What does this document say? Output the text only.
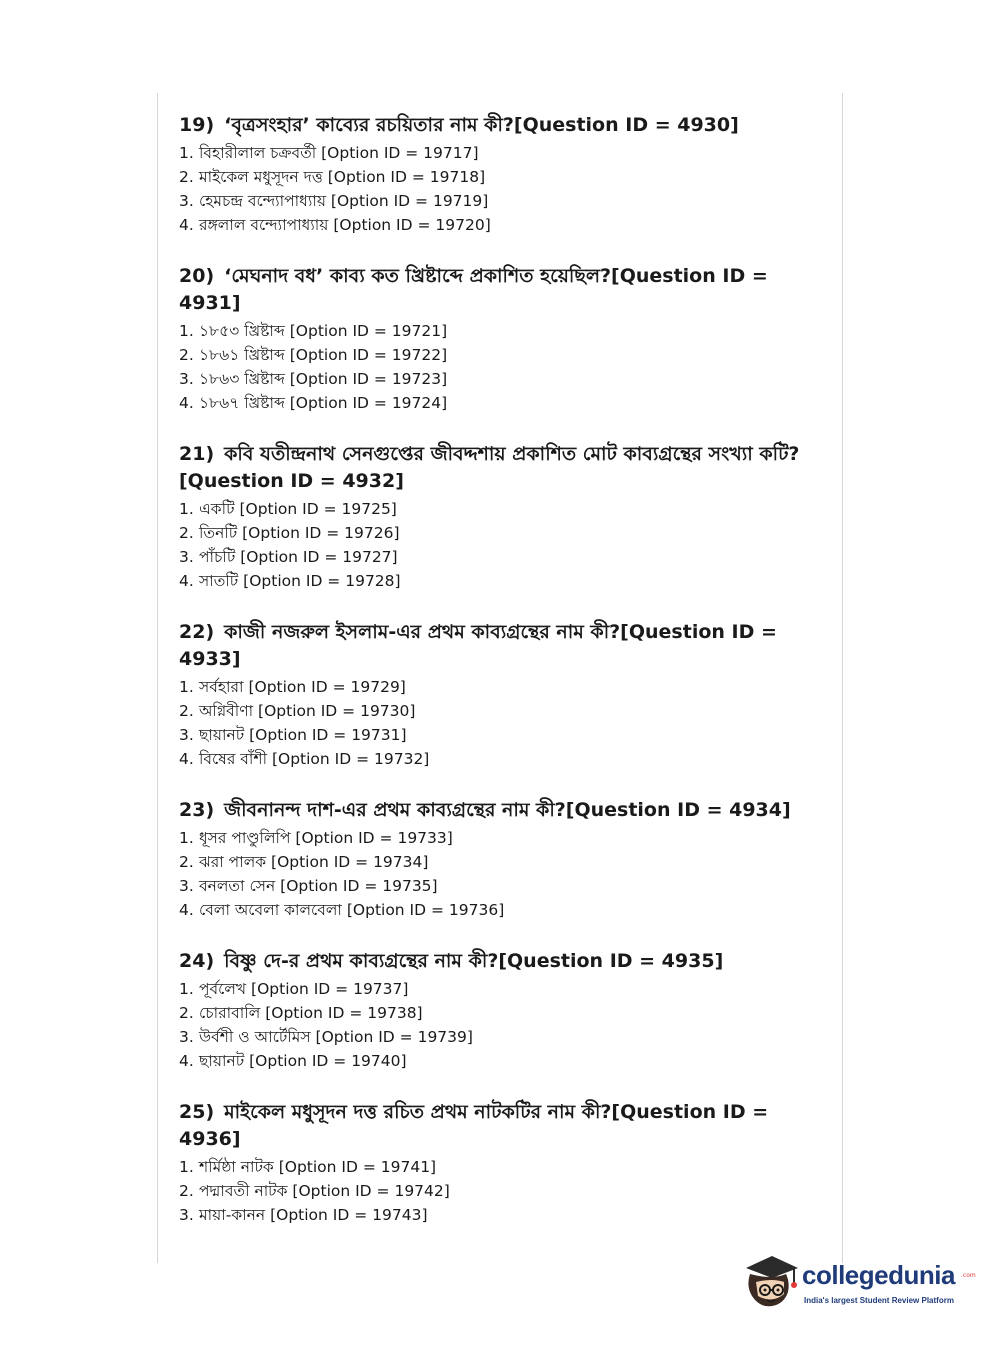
19) ‘বৃত্রসংহার’ কাব্যের রচয়িতার নাম কী?[Question ID = 4930]
1. বিহারীলাল চক্রবর্তী [Option ID = 19717]
2. মাইকেল মধুসূদন দত্ত [Option ID = 19718]
3. হেমচন্দ্র বন্দ্যোপাধ্যায় [Option ID = 19719]
4. রঙ্গলাল বন্দ্যোপাধ্যায় [Option ID = 19720]
20) ‘মেঘনাদ বধ’ কাব্য কত খ্রিষ্টাব্দে প্রকাশিত হয়েছিল?[Question ID = 4931]
1. ১৮৫৩ খ্রিষ্টাব্দ [Option ID = 19721]
2. ১৮৬১ খ্রিষ্টাব্দ [Option ID = 19722]
3. ১৮৬৩ খ্রিষ্টাব্দ [Option ID = 19723]
4. ১৮৬৭ খ্রিষ্টাব্দ [Option ID = 19724]
21) কবি যতীন্দ্রনাথ সেনগুপ্তের জীবদ্দশায় প্রকাশিত মোট কাব্যগ্রন্থের সংখ্যা কটি?[Question ID = 4932]
1. একটি [Option ID = 19725]
2. তিনটি [Option ID = 19726]
3. পাঁচটি [Option ID = 19727]
4. সাতটি [Option ID = 19728]
22) কাজী নজরুল ইসলাম-এর প্রথম কাব্যগ্রন্থের নাম কী?[Question ID = 4933]
1. সর্বহারা [Option ID = 19729]
2. অগ্নিবীণা [Option ID = 19730]
3. ছায়ানট [Option ID = 19731]
4. বিষের বাঁশী [Option ID = 19732]
23) জীবনানন্দ দাশ-এর প্রথম কাব্যগ্রন্থের নাম কী?[Question ID = 4934]
1. ধূসর পাণ্ডুলিপি [Option ID = 19733]
2. ঝরা পালক [Option ID = 19734]
3. বনলতা সেন [Option ID = 19735]
4. বেলা অবেলা কালবেলা [Option ID = 19736]
24) বিষ্ণু দে-র প্রথম কাব্যগ্রন্থের নাম কী?[Question ID = 4935]
1. পূর্বলেখ [Option ID = 19737]
2. চোরাবালি [Option ID = 19738]
3. উর্বশী ও আর্টেমিস [Option ID = 19739]
4. ছায়ানট [Option ID = 19740]
25) মাইকেল মধুসূদন দত্ত রচিত প্রথম নাটকটির নাম কী?[Question ID = 4936]
1. শর্মিষ্ঠা নাটক [Option ID = 19741]
2. পদ্মাবতী নাটক [Option ID = 19742]
3. মায়া-কানন [Option ID = 19743]
collegedunia .com
India's largest Student Review Platform
